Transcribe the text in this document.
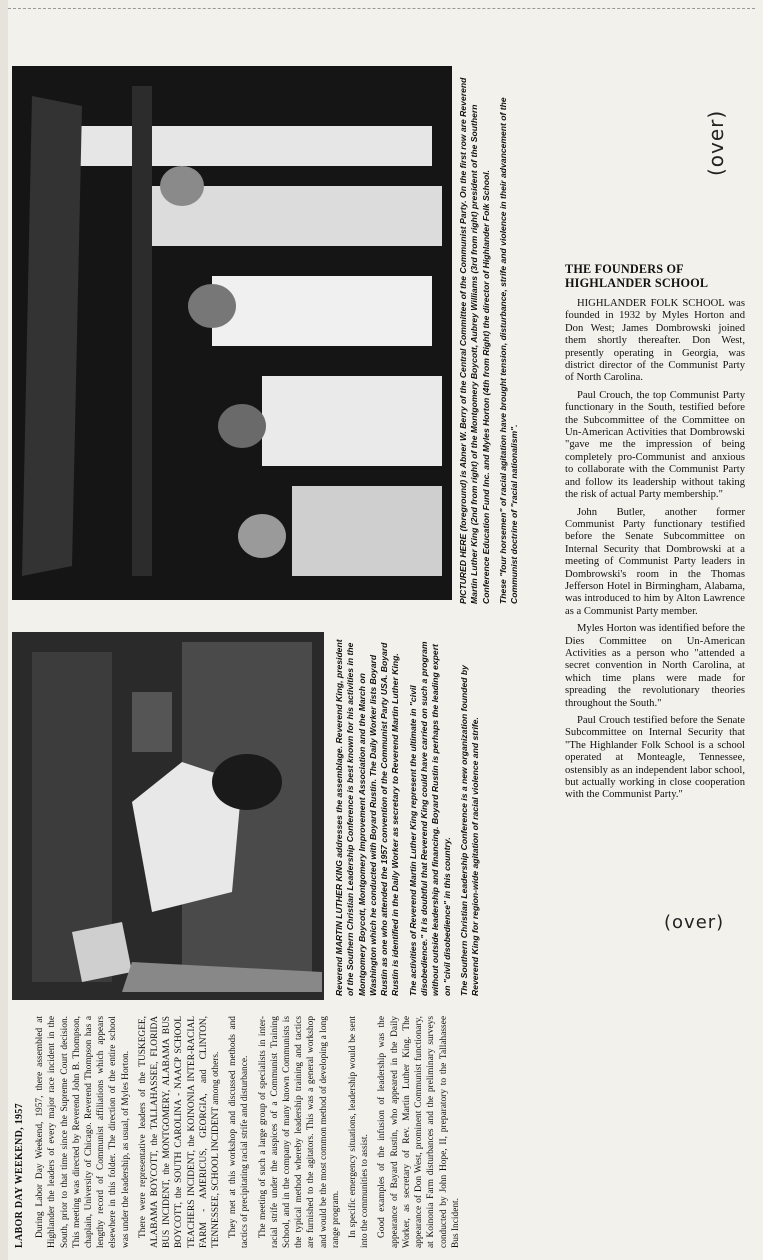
LABOR DAY WEEKEND, 1957 During Labor Day Weekend, 1957, there assembled at Highlander the leaders of every major race incident in the South, prior to that time since the Supreme Court decision. This meeting was directed by Reverend John B. Thompson, chaplain, University of Chicago. Reverend Thompson has a lengthy record of Communist affiliations which appears elsewhere in this folder. The direction of the entire school was under the leadership, as usual, of Myles Horton. There were representative leaders of the TUSKEGEE, ALABAMA BOYCOTT, the TALLAHASSEE, FLORIDA BUS INCIDENT, the MONTGOMERY, ALABAMA BUS BOYCOTT, the SOUTH CAROLINA - NAACP SCHOOL TEACHERS INCIDENT, the KOINONIA INTER-RACIAL FARM - AMERICUS, GEORGIA, and CLINTON, TENNESSEE, SCHOOL INCIDENT among others. They met at this workshop and discussed methods and tactics of precipitating racial strife and disturbance. The meeting of such a large group of specialists in inter-racial strife under the auspices of a Communist Training School, and in the company of many known Communists is the typical method whereby leadership training and tactics are furnished to the agitators. This was a general workshop and would be the most common method of developing a long range program. In specific emergency situations, leadership would be sent into the communities to assist. Good examples of the infusion of leadership was the appearance of Bayard Rustin, who appeared in the Daily Worker, as secretary of Rev. Martin Luther King. The appearance of Don West, prominent Communist functionary, at Koinonia Farm disturbances and the preliminary surveys conducted by John Hope, II, preparatory to the Tallahassee Bus Incident.

Reverend MARTIN LUTHER KING addresses the assemblage. Reverend King, president of the Southern Christian Leadership Conference is best known for his activities in the Montgomery Boycott, Montgomery Improvement Association and the March on Washington which he conducted with Boyard Rustin. The Daily Worker lists Boyard Rustin as one who attended the 1957 convention of the Communist Party USA. Boyard Rustin is identified in the Daily Worker as secretary to Reverend Martin Luther King. The activities of Reverend Martin Luther King represent the ultimate in "civil disobedience." It is doubtful that Reverend King could have carried on such a program without outside leadership and financing. Boyard Rustin is perhaps the leading expert on "civil disobedience" in this country. The Southern Christian Leadership Conference is a new organization founded by Reverend King for region-wide agitation of racial violence and strife.

PICTURED HERE (foreground) is Abner W. Berry of the Central Committee of the Communist Party. On the first row are Reverend Martin Luther King (2nd from right) of the Montgomery Boycott, Aubrey Williams (3rd from right) president of the Southern Conference Education Fund Inc. and Myles Horton (4th from Right) the director of Highlander Folk School. These "four horsemen" of racial agitation have brought tension, disturbance, strife and violence in their advancement of the Communist doctrine of "racial nationalism".

THE FOUNDERS OF
HIGHLANDER SCHOOL

HIGHLANDER FOLK SCHOOL was founded in 1932 by Myles Horton and Don West; James Dombrowski joined them shortly thereafter. Don West, presently operating in Georgia, was district director of the Communist Party of North Carolina.

Paul Crouch, the top Communist Party functionary in the South, testified before the Subcommittee of the Committee on Un-American Activities that Dombrowski "gave me the impression of being completely pro-Communist and anxious to collaborate with the Communist Party and follow its leadership without taking the risk of actual Party membership."

John Butler, another former Communist Party functionary testified before the Senate Subcommittee on Internal Security that Dombrowski at a meeting of Communist Party leaders in Dombrowski's room in the Thomas Jefferson Hotel in Birmingham, Alabama, was introduced to him by Alton Lawrence as a Communist Party member.

Myles Horton was identified before the Dies Committee on Un-American Activities as a person who "attended a secret convention in North Carolina, at which time plans were made for spreading the revolutionary theories throughout the South."

Paul Crouch testified before the Senate Subcommittee on Internal Security that "The Highlander Folk School is a school operated at Monteagle, Tennessee, ostensibly as an independent labor school, but actually working in close cooperation with the Communist Party."

(over)
(over)
